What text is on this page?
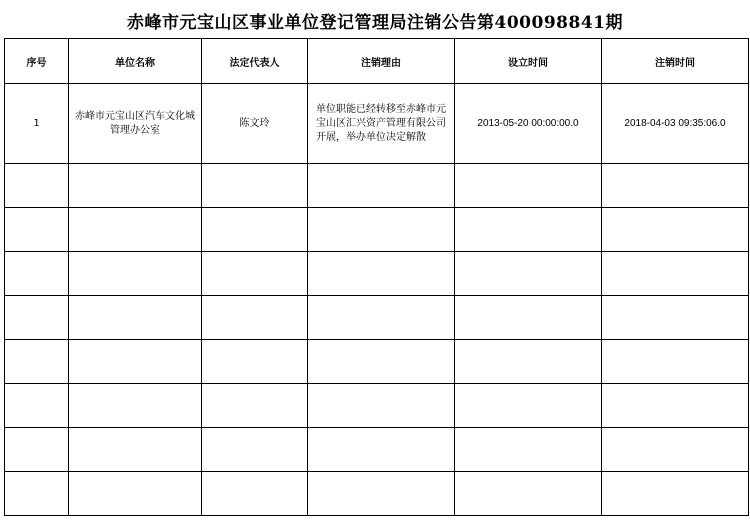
赤峰市元宝山区事业单位登记管理局注销公告第400098841期
序号	单位名称	法定代表人	注销理由	设立时间	注销时间

1	赤峰市元宝山区汽车文化城管理办公室	陈文玲	单位职能已经转移至赤峰市元宝山区汇兴资产管理有限公司开展，举办单位决定解散	2013-05-20 00:00:00.0	2018-04-03 09:35:06.0
